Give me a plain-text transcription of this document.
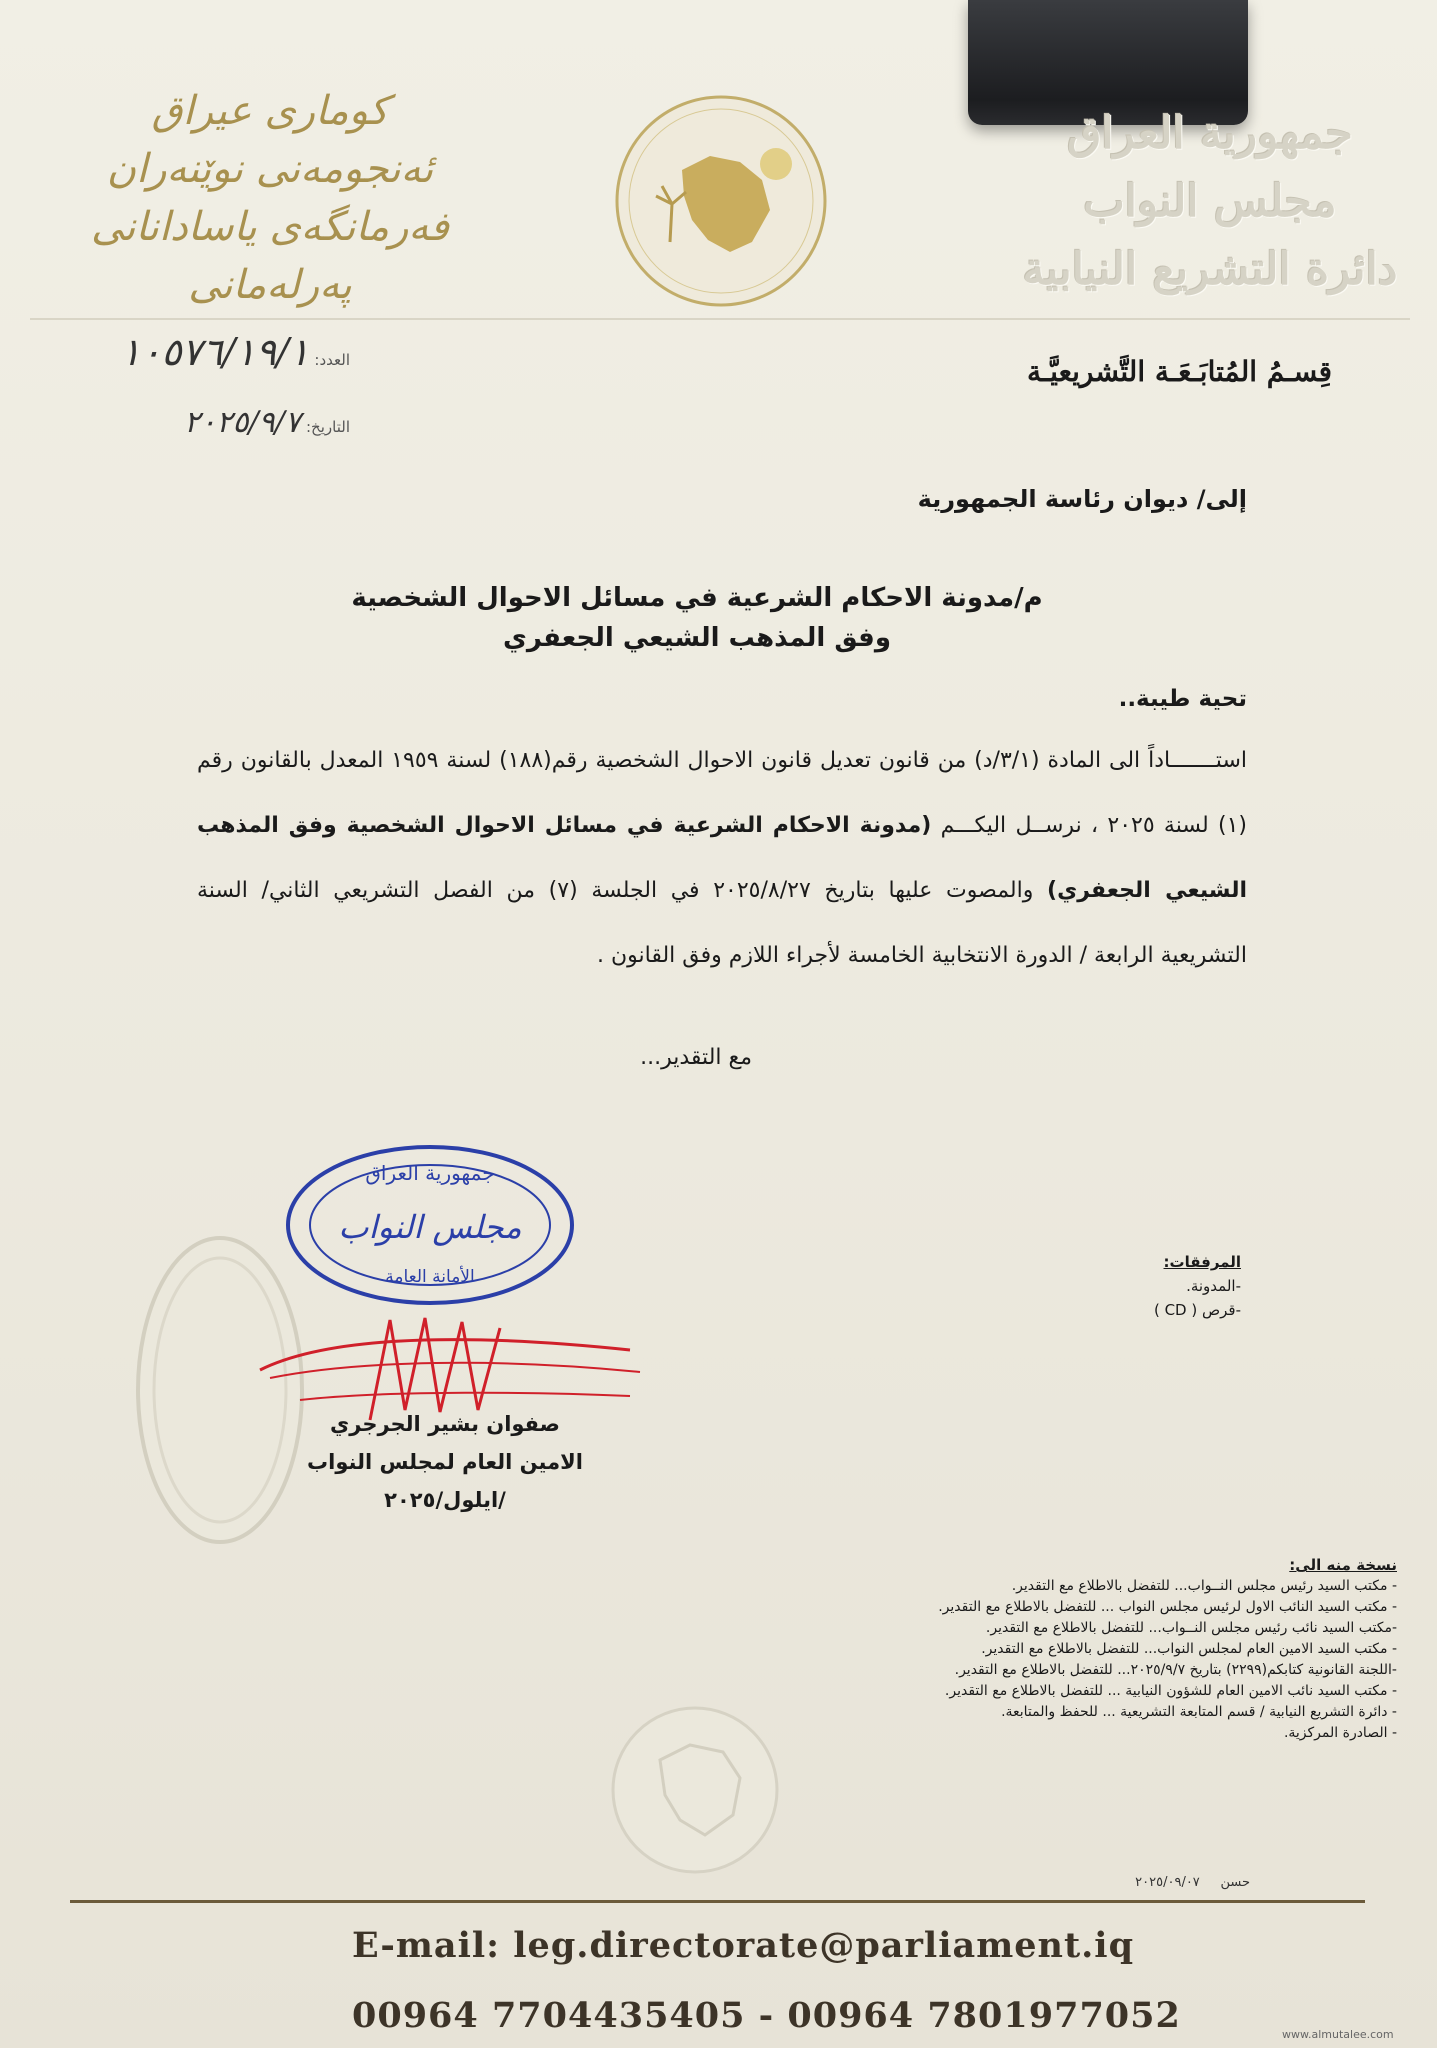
كوماری عیراق
ئەنجومەنی نوێنەران
فەرمانگەی یاسادانانی پەرلەمانی
جمهورية العراق
مجلس النواب
دائرة التشريع النيابية
العدد: ١٠٥٧٦/١٩/١
التاريخ: ٢٠٢٥/٩/٧
قِسـمُ المُتابَـعَـة التَّشريعيَّـة
إلى/ ديوان رئاسة الجمهورية
م/مدونة الاحكام الشرعية في مسائل الاحوال الشخصية
وفق المذهب الشيعي الجعفري
تحية طيبة..
استـــــــاداً الى المادة (٣/١/د) من قانون تعديل قانون الاحوال الشخصية رقم(١٨٨) لسنة ١٩٥٩ المعدل بالقانون رقم (١) لسنة ٢٠٢٥ ، نرســل اليكـــم (مدونة الاحكام الشرعية في مسائل الاحوال الشخصية وفق المذهب الشيعي الجعفري) والمصوت عليها بتاريخ ٢٠٢٥/٨/٢٧ في الجلسة (٧) من الفصل التشريعي الثاني/ السنة التشريعية الرابعة / الدورة الانتخابية الخامسة لأجراء اللازم وفق القانون .
مع التقدير...
المرفقات:
-المدونة.
-قرص ( CD )
جمهورية العراق
مجلس النواب
الأمانة العامة
صفوان بشير الجرجري
الامين العام لمجلس النواب
/ايلول/٢٠٢٥
نسخة منه الى:
- مكتب السيد رئيس مجلس النــواب... للتفضل بالاطلاع مع التقدير.
- مكتب السيد النائب الاول لرئيس مجلس النواب ... للتفضل بالاطلاع مع التقدير.
-مكتب السيد نائب رئيس مجلس النــواب... للتفضل بالاطلاع مع التقدير.
- مكتب السيد الامين العام لمجلس النواب... للتفضل بالاطلاع مع التقدير.
-اللجنة القانونية كتابكم(٢٢٩٩) بتاريخ ٢٠٢٥/٩/٧... للتفضل بالاطلاع مع التقدير.
- مكتب السيد نائب الامين العام للشؤون النيابية ... للتفضل بالاطلاع مع التقدير.
- دائرة التشريع النيابية / قسم المتابعة التشريعية ... للحفظ والمتابعة.
- الصادرة المركزية.
حسن     ٢٠٢٥/٠٩/٠٧
E-mail: leg.directorate@parliament.iq
00964 7704435405 - 00964 7801977052	www.almutalee.com
